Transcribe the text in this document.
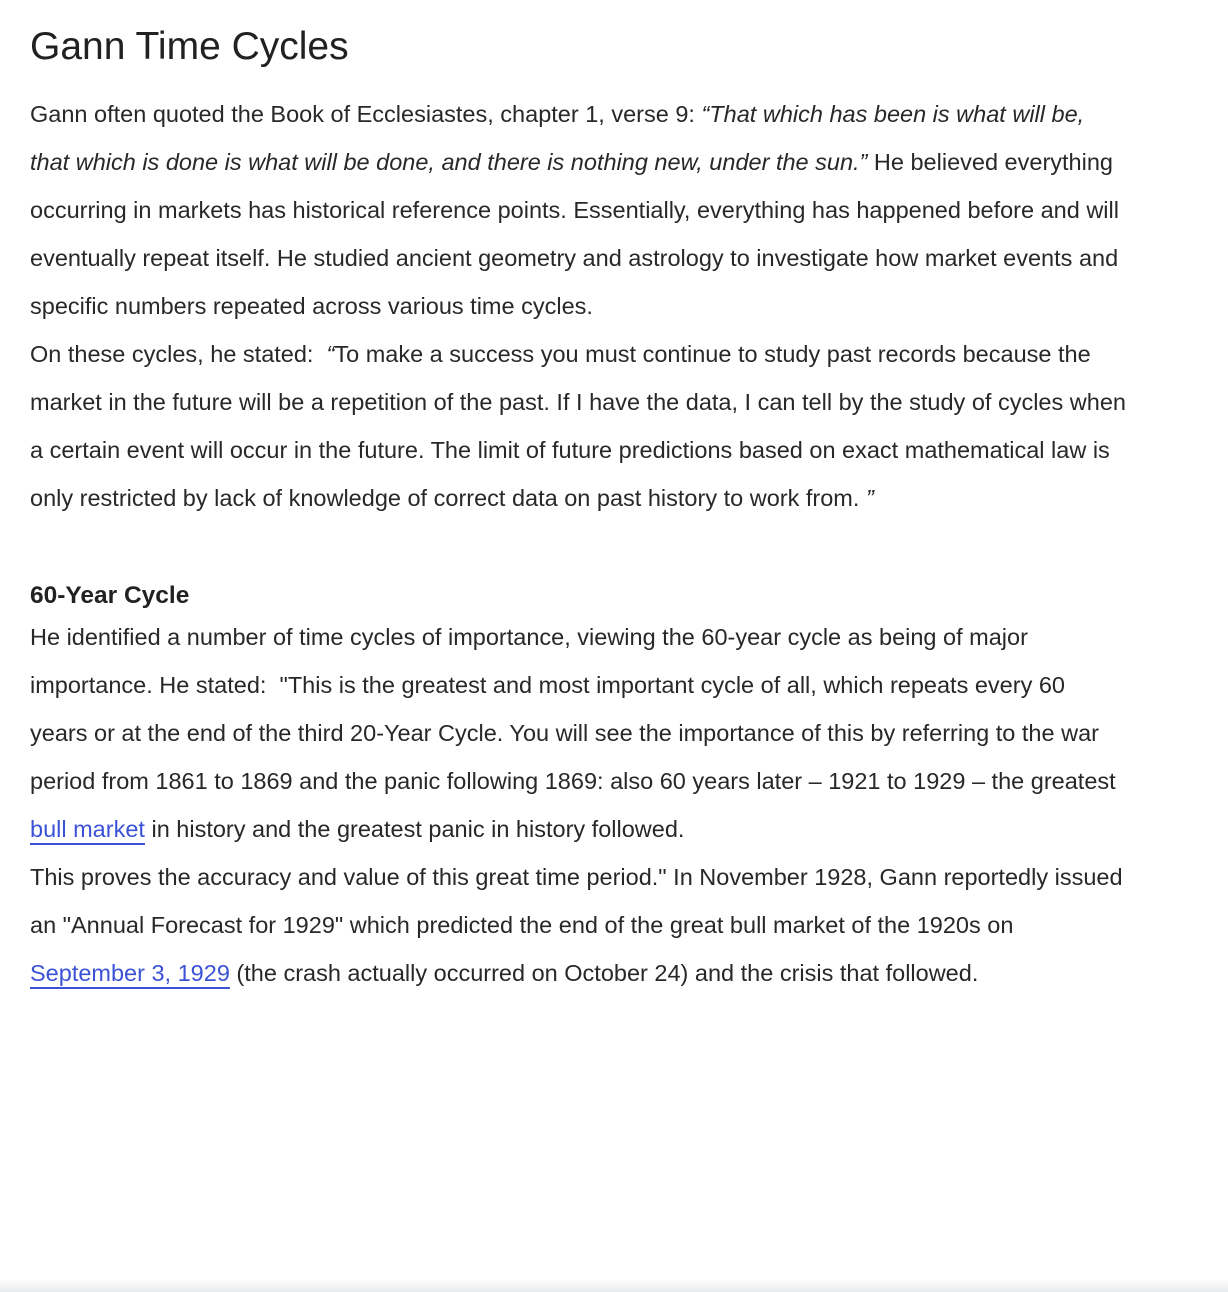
Gann Time Cycles

Gann often quoted the Book of Ecclesiastes, chapter 1, verse 9: “That which has been is what will be, that which is done is what will be done, and there is nothing new, under the sun.” He believed everything occurring in markets has historical reference points. Essentially, everything has happened before and will eventually repeat itself. He studied ancient geometry and astrology to investigate how market events and specific numbers repeated across various time cycles.

On these cycles, he stated:  “To make a success you must continue to study past records because the market in the future will be a repetition of the past. If I have the data, I can tell by the study of cycles when a certain event will occur in the future. The limit of future predictions based on exact mathematical law is only restricted by lack of knowledge of correct data on past history to work from. ”

60-Year Cycle

He identified a number of time cycles of importance, viewing the 60-year cycle as being of major importance. He stated:  "This is the greatest and most important cycle of all, which repeats every 60 years or at the end of the third 20-Year Cycle. You will see the importance of this by referring to the war period from 1861 to 1869 and the panic following 1869: also 60 years later – 1921 to 1929 – the greatest bull market in history and the greatest panic in history followed.

This proves the accuracy and value of this great time period." In November 1928, Gann reportedly issued an "Annual Forecast for 1929" which predicted the end of the great bull market of the 1920s on September 3, 1929 (the crash actually occurred on October 24) and the crisis that followed.
